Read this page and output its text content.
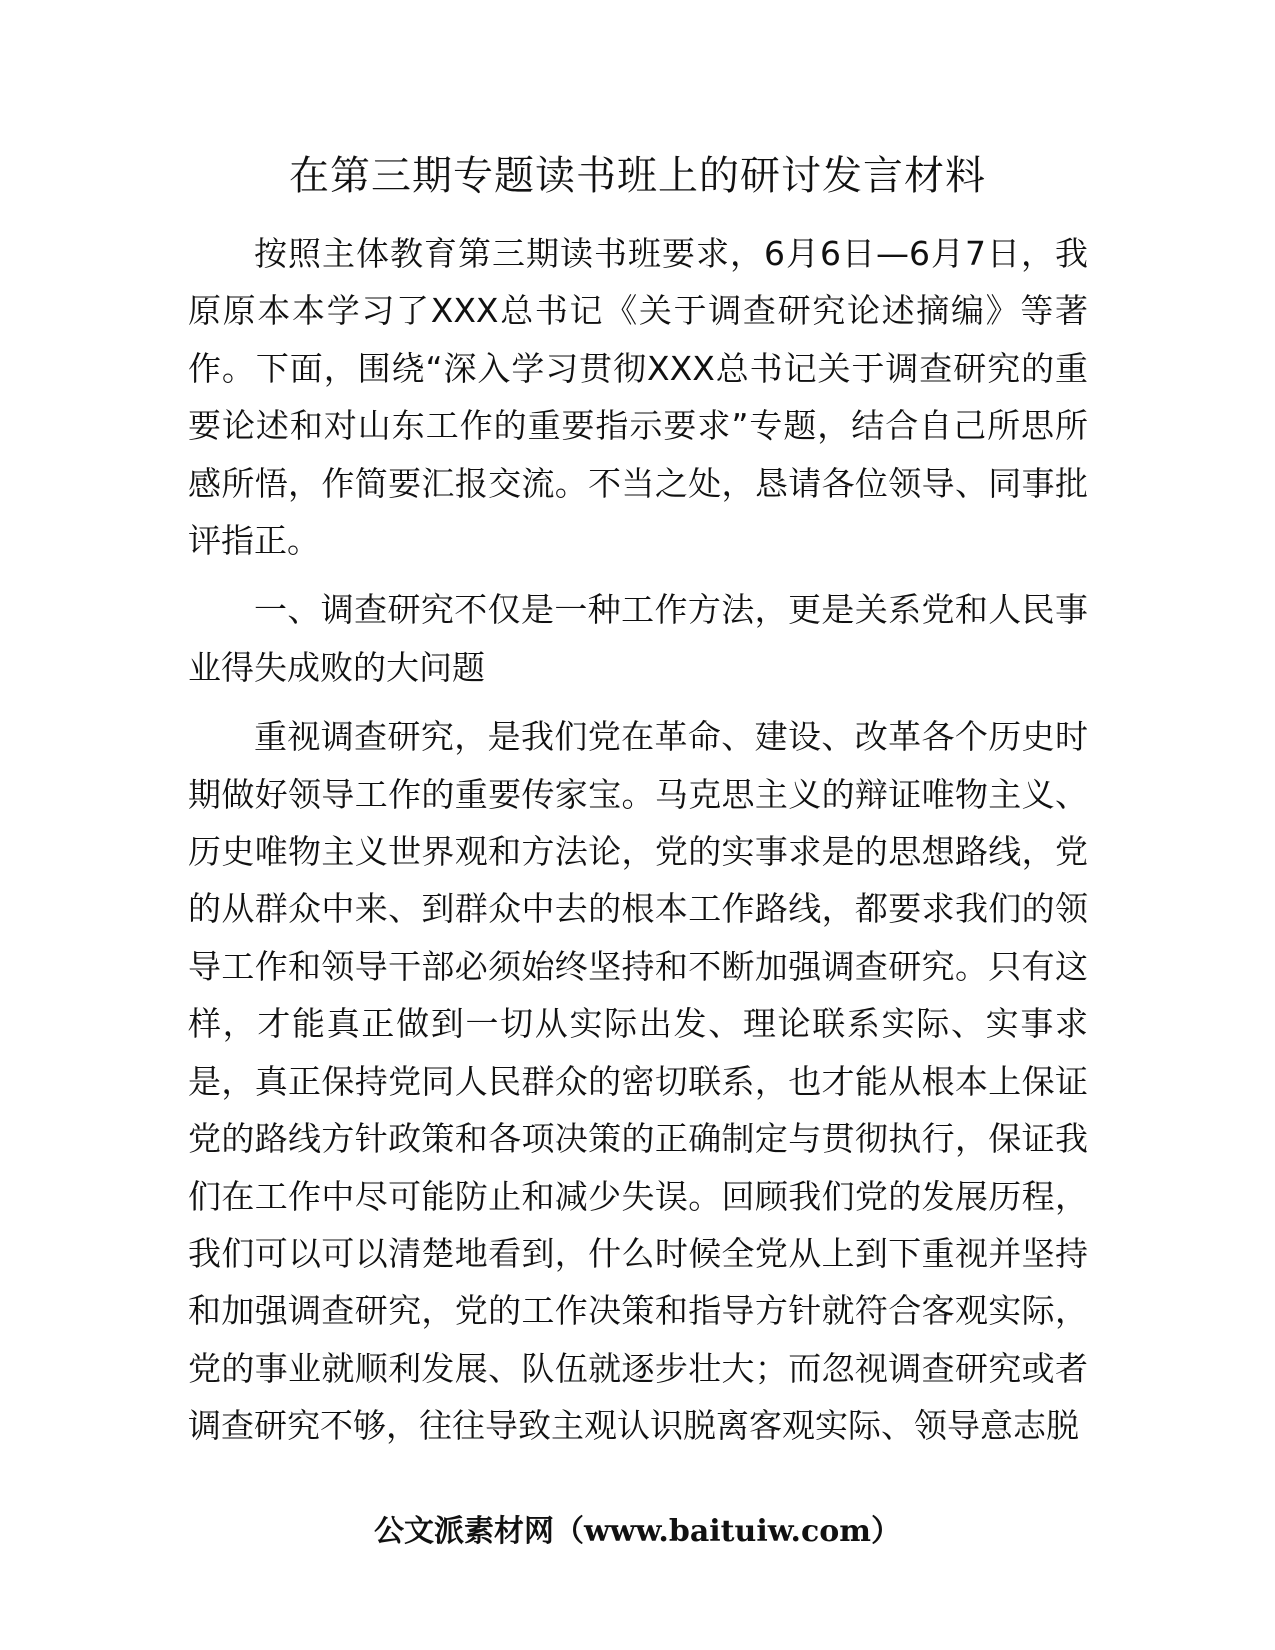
在第三期专题读书班上的研讨发言材料

按照主体教育第三期读书班要求，6月6日—6月7日，我原原本本学习了XXX总书记《关于调查研究论述摘编》等著作。下面，围绕“深入学习贯彻XXX总书记关于调查研究的重要论述和对山东工作的重要指示要求”专题，结合自己所思所感所悟，作简要汇报交流。不当之处，恳请各位领导、同事批评指正。

一、调查研究不仅是一种工作方法，更是关系党和人民事业得失成败的大问题

重视调查研究，是我们党在革命、建设、改革各个历史时期做好领导工作的重要传家宝。马克思主义的辩证唯物主义、历史唯物主义世界观和方法论，党的实事求是的思想路线，党的从群众中来、到群众中去的根本工作路线，都要求我们的领导工作和领导干部必须始终坚持和不断加强调查研究。只有这样，才能真正做到一切从实际出发、理论联系实际、实事求是，真正保持党同人民群众的密切联系，也才能从根本上保证党的路线方针政策和各项决策的正确制定与贯彻执行，保证我们在工作中尽可能防止和减少失误。回顾我们党的发展历程，我们可以可以清楚地看到，什么时候全党从上到下重视并坚持和加强调查研究，党的工作决策和指导方针就符合客观实际，党的事业就顺利发展、队伍就逐步壮大；而忽视调查研究或者调查研究不够，往往导致主观认识脱离客观实际、领导意志脱

公文派素材网（www.baituiw.com）
